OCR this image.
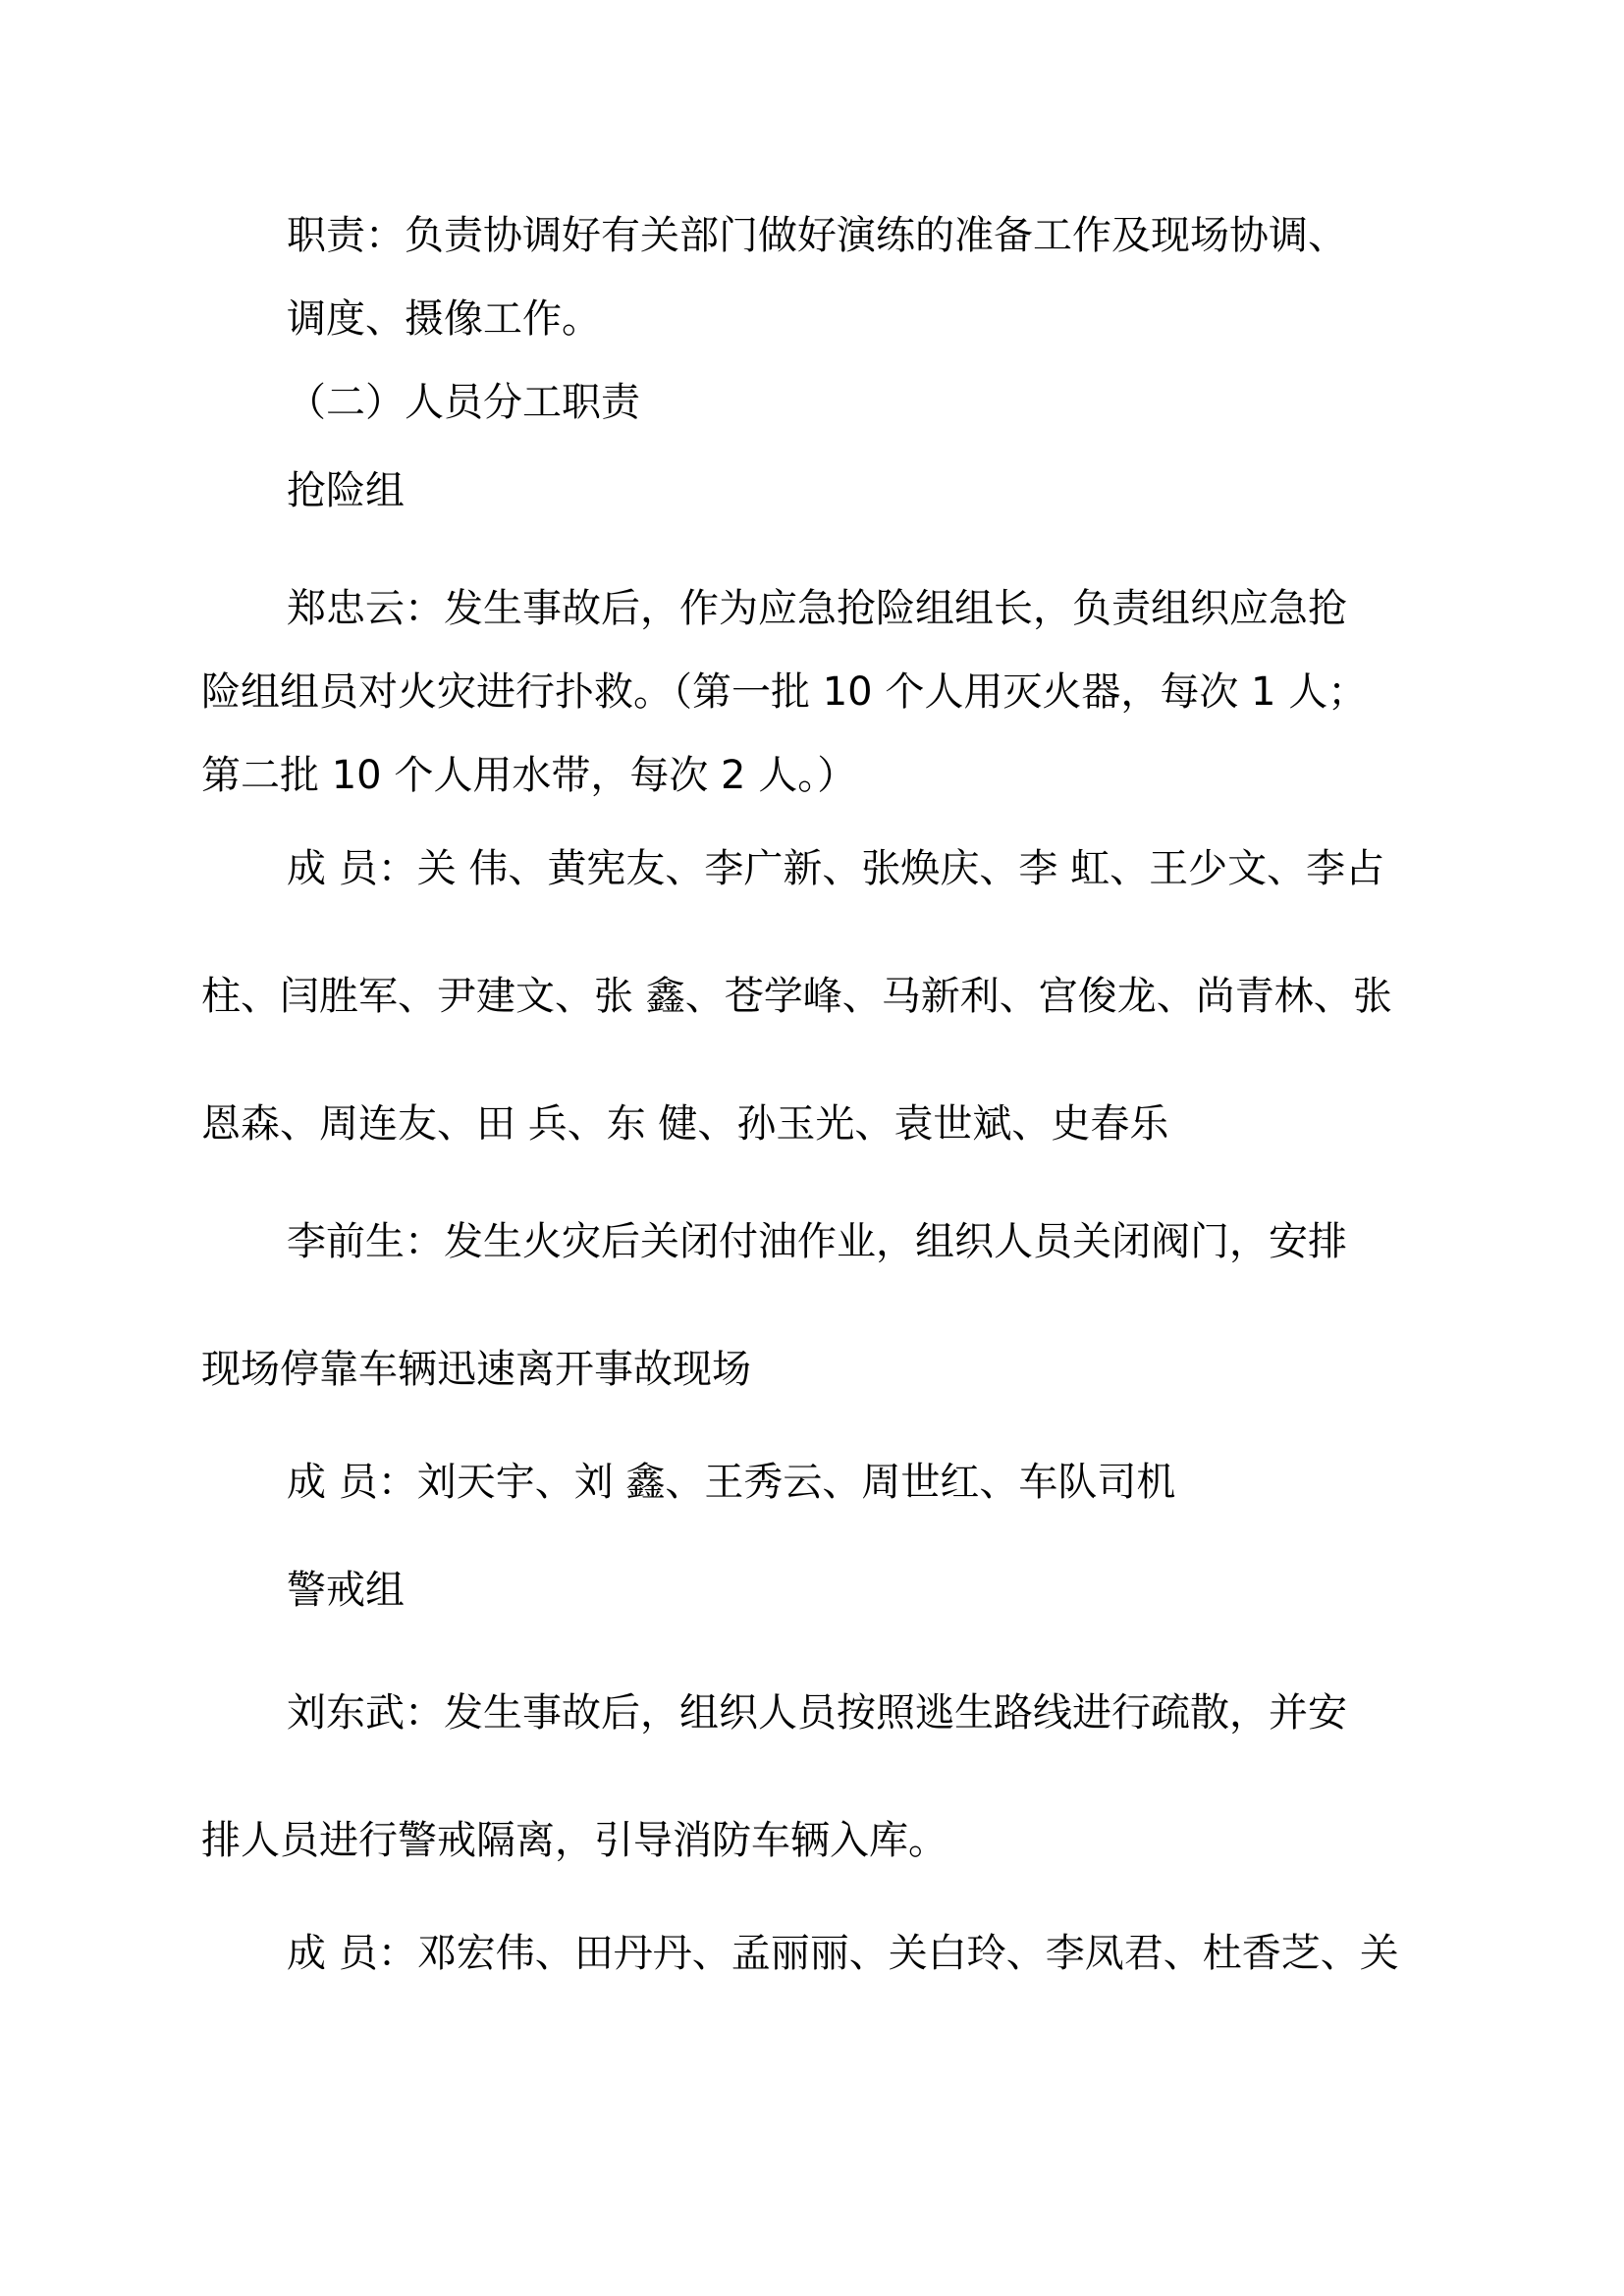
职责：负责协调好有关部门做好演练的准备工作及现场协调、
调度、摄像工作。
（二）人员分工职责
抢险组
郑忠云：发生事故后，作为应急抢险组组长，负责组织应急抢
险组组员对火灾进行扑救。（第一批 10 个人用灭火器，每次 1 人；
第二批 10 个人用水带，每次 2 人。）
成 员：关 伟、黄宪友、李广新、张焕庆、李 虹、王少文、李占
柱、闫胜军、尹建文、张 鑫、苍学峰、马新利、宫俊龙、尚青林、张
恩森、周连友、田 兵、东 健、孙玉光、袁世斌、史春乐
李前生：发生火灾后关闭付油作业，组织人员关闭阀门，安排
现场停靠车辆迅速离开事故现场
成 员：刘天宇、刘 鑫、王秀云、周世红、车队司机
警戒组
刘东武：发生事故后，组织人员按照逃生路线进行疏散，并安
排人员进行警戒隔离，引导消防车辆入库。
成 员：邓宏伟、田丹丹、孟丽丽、关白玲、李凤君、杜香芝、关
